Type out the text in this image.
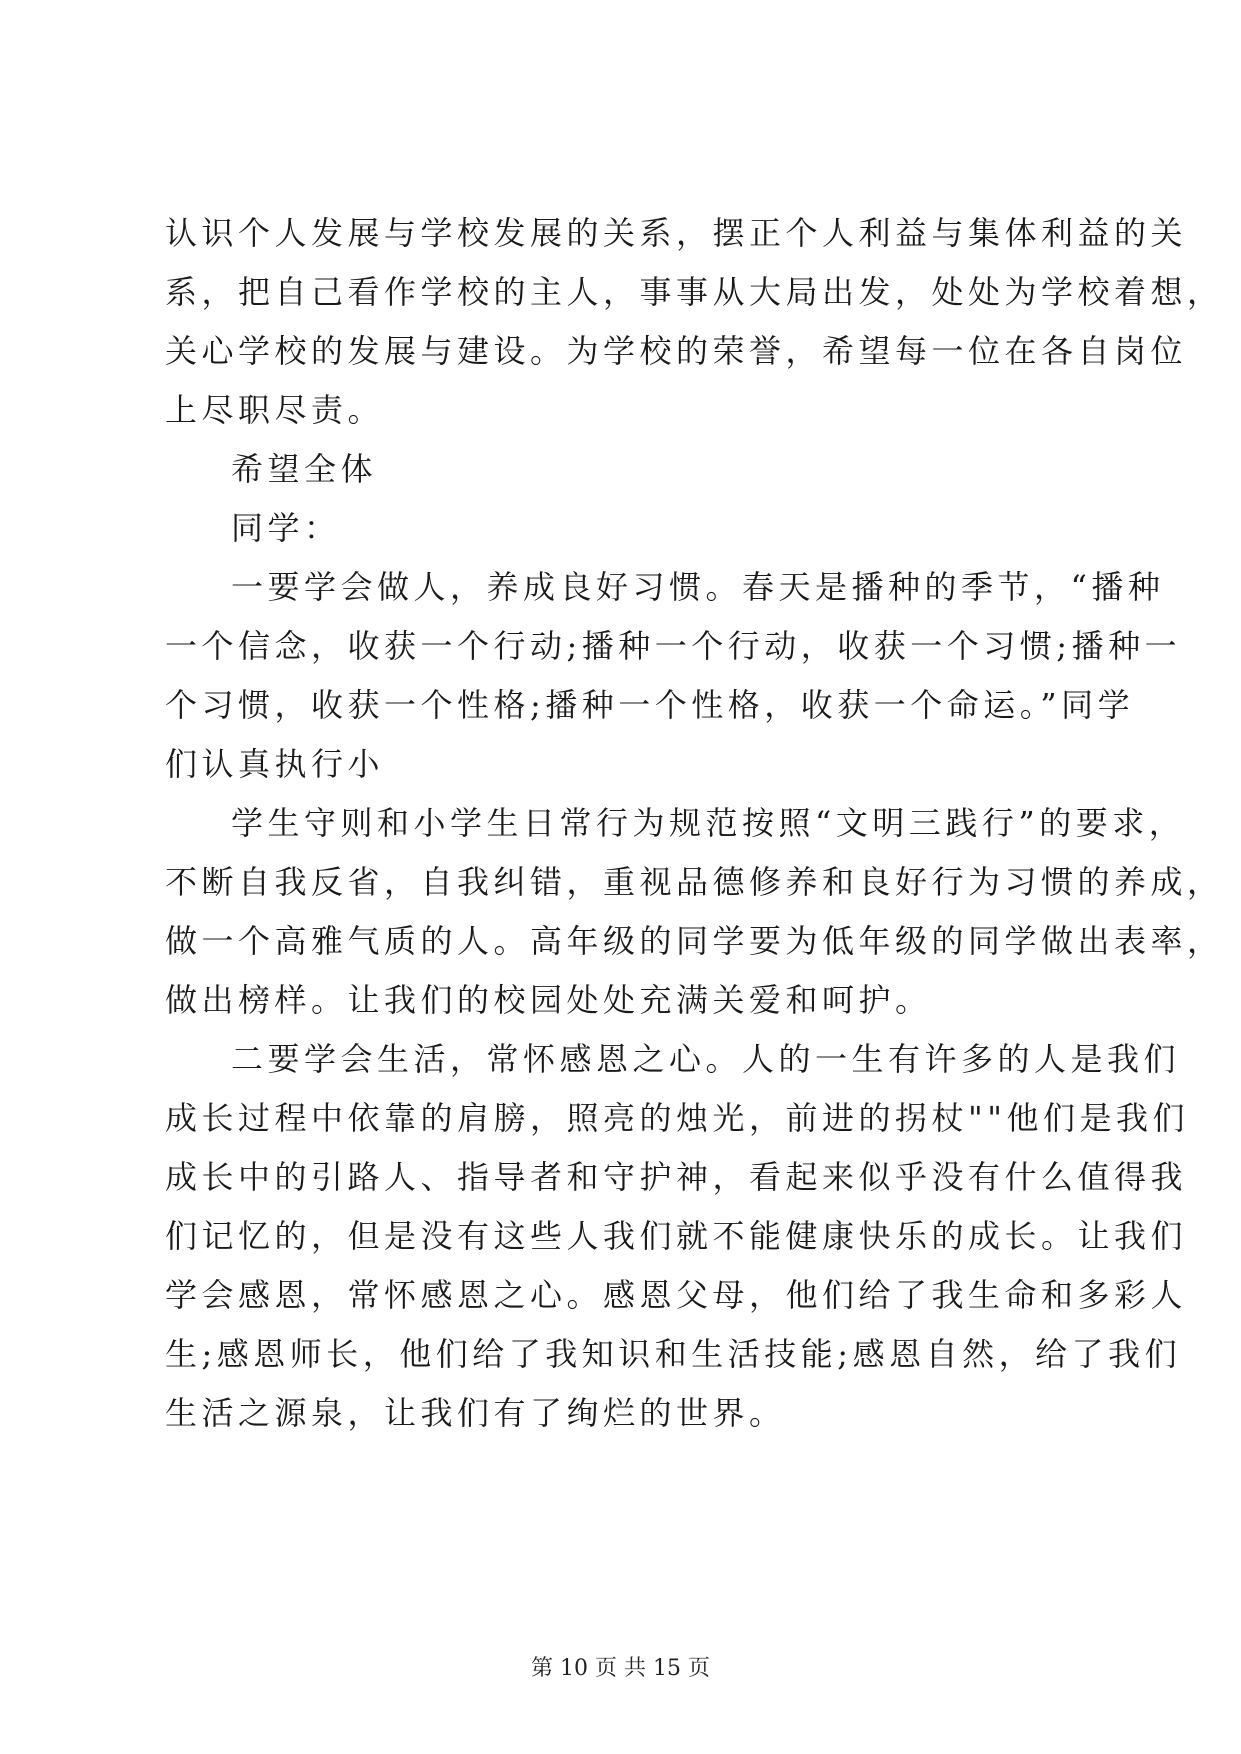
认识个人发展与学校发展的关系，摆正个人利益与集体利益的关
系，把自己看作学校的主人，事事从大局出发，处处为学校着想，
关心学校的发展与建设。为学校的荣誉，希望每一位在各自岗位
上尽职尽责。
希望全体
同学：
一要学会做人，养成良好习惯。春天是播种的季节，“播种
一个信念，收获一个行动;播种一个行动，收获一个习惯;播种一
个习惯，收获一个性格;播种一个性格，收获一个命运。”同学
们认真执行小
学生守则和小学生日常行为规范按照“文明三践行”的要求，
不断自我反省，自我纠错，重视品德修养和良好行为习惯的养成，
做一个高雅气质的人。高年级的同学要为低年级的同学做出表率，
做出榜样。让我们的校园处处充满关爱和呵护。
二要学会生活，常怀感恩之心。人的一生有许多的人是我们
成长过程中依靠的肩膀，照亮的烛光，前进的拐杖""他们是我们
成长中的引路人、指导者和守护神，看起来似乎没有什么值得我
们记忆的，但是没有这些人我们就不能健康快乐的成长。让我们
学会感恩，常怀感恩之心。感恩父母，他们给了我生命和多彩人
生;感恩师长，他们给了我知识和生活技能;感恩自然，给了我们
生活之源泉，让我们有了绚烂的世界。
第 10 页 共 15 页
